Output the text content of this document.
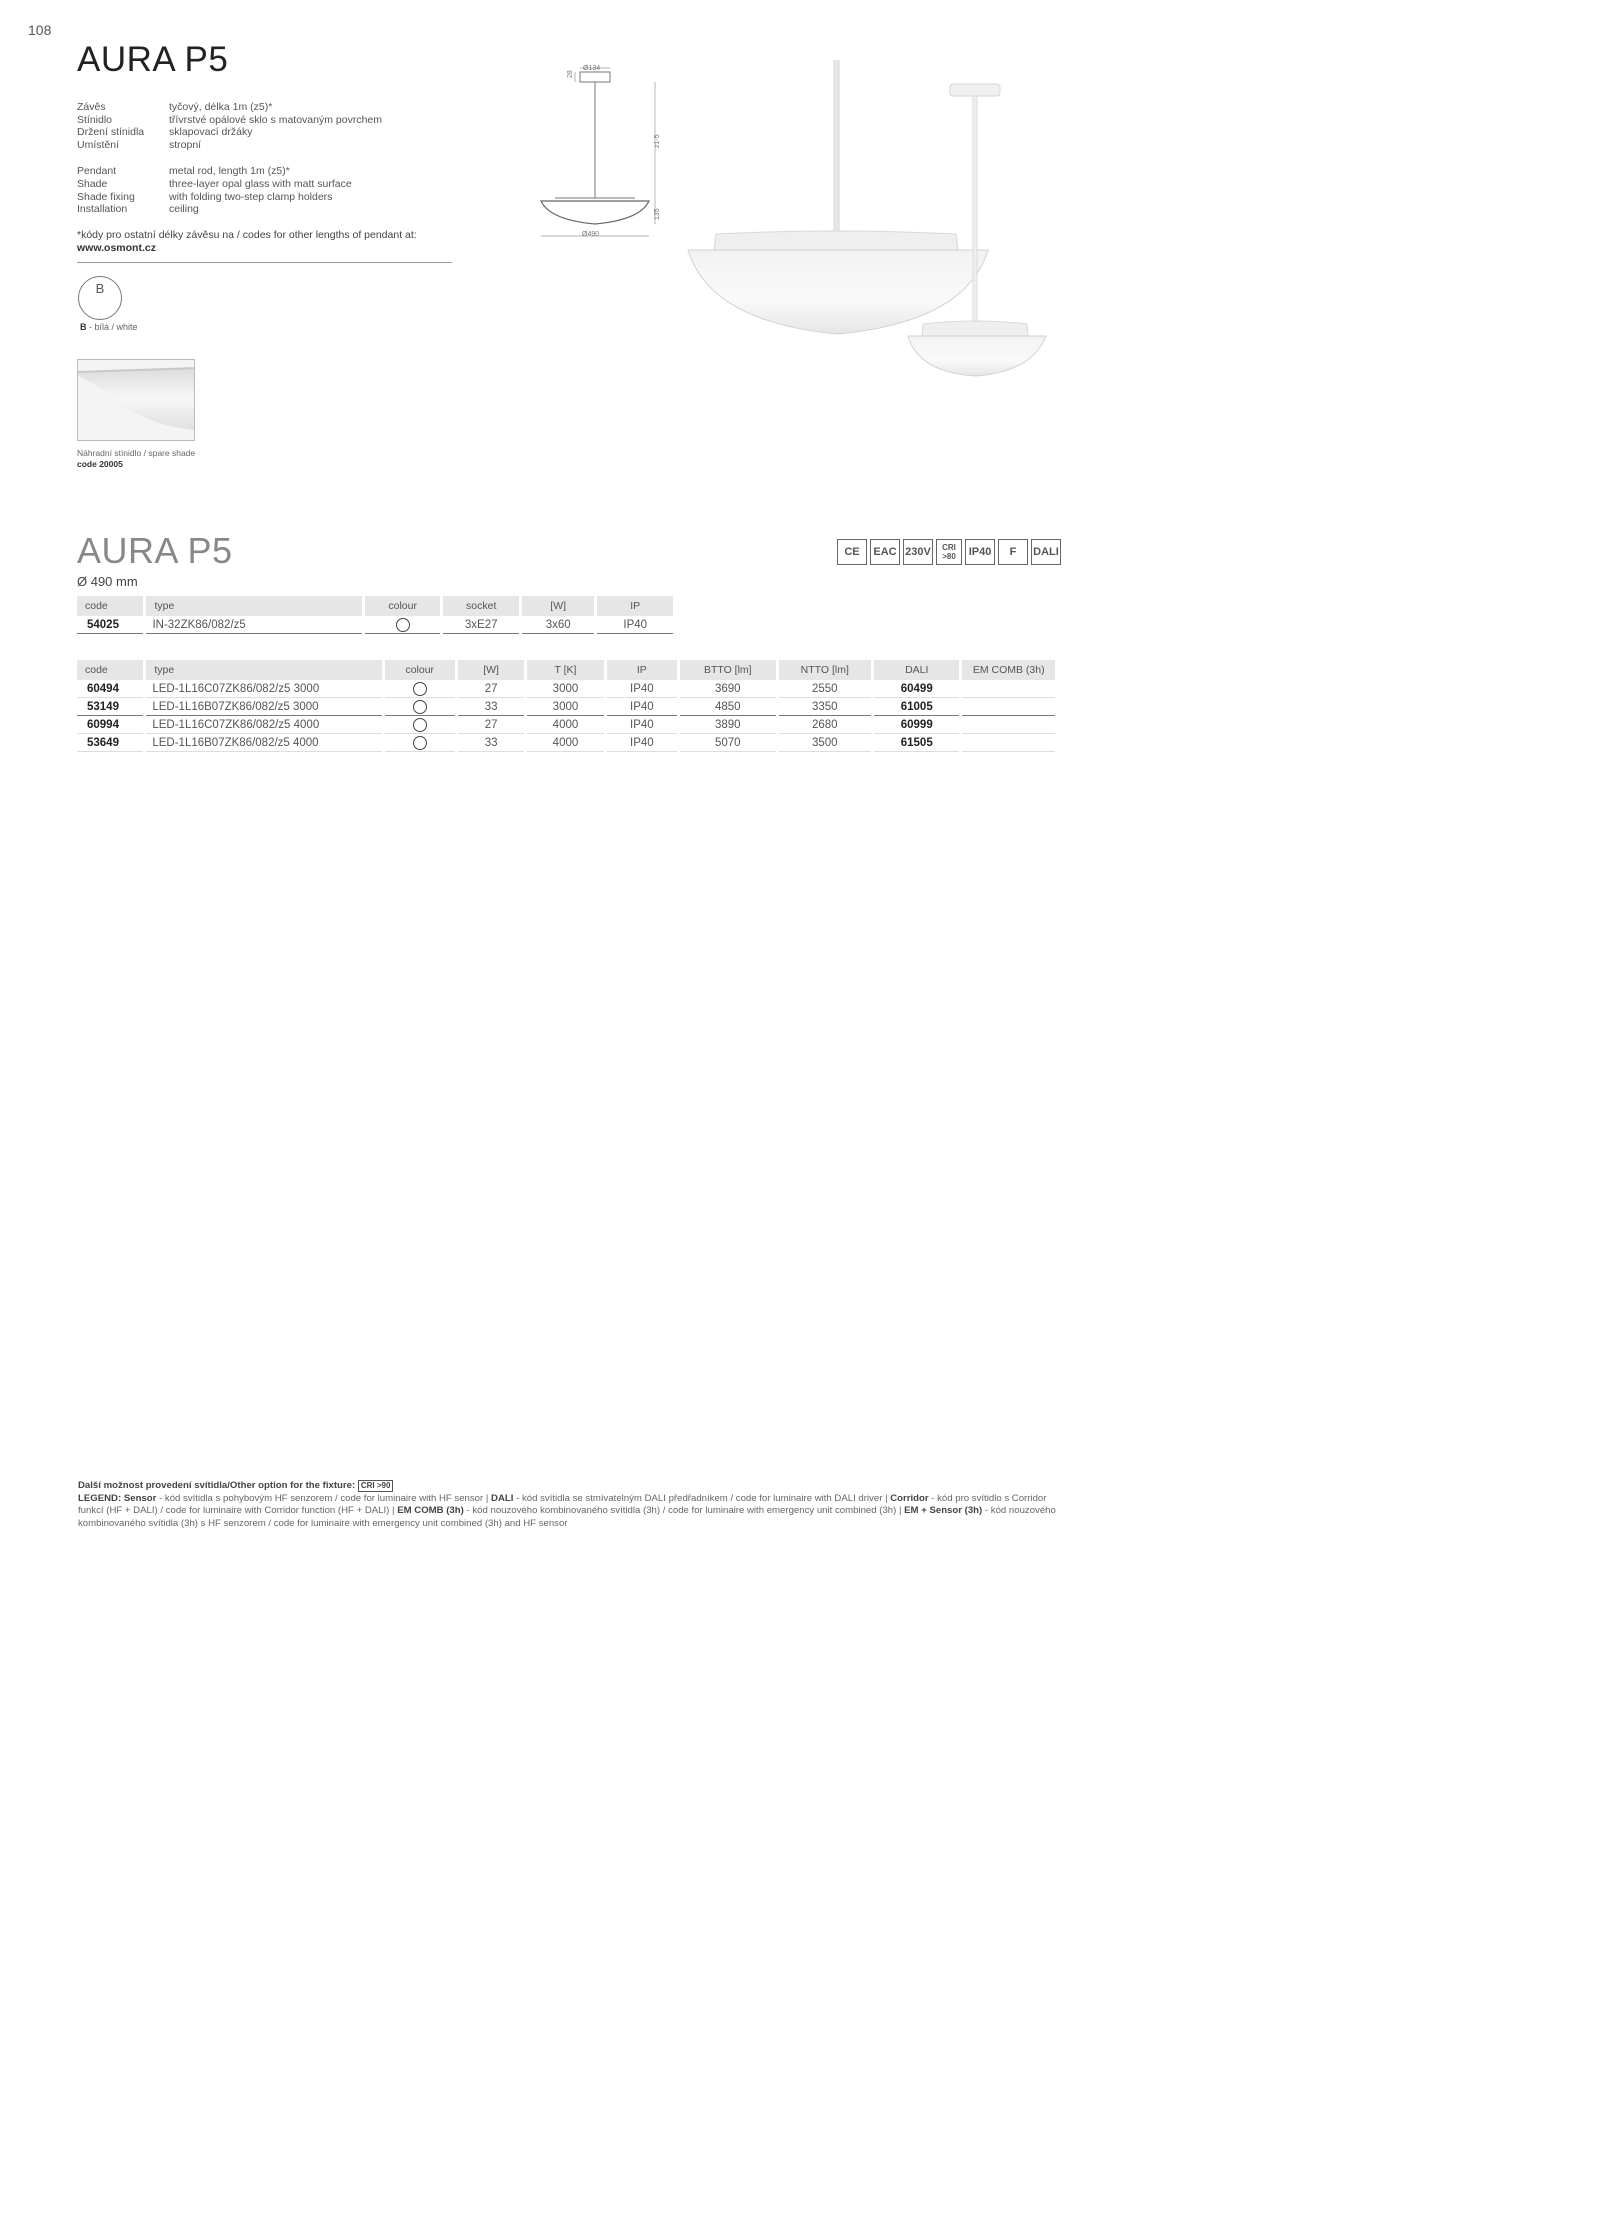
108
AURA P5
Závěs	tyčový, délka 1m (z5)*
Stínidlo	třívrstvé opálové sklo s matovaným povrchem
Držení stínidla	sklapovací držáky
Umístění	stropní
Pendant	metal rod, length 1m (z5)*
Shade	three-layer opal glass with matt surface
Shade fixing	with folding two-step clamp holders
Installation	ceiling
*kódy pro ostatní délky závěsu na / codes for other lengths of pendant at:
www.osmont.cz
B
B - bílá / white
Náhradní stínidlo / spare shade
code 20005
Ø134
28
z1-5
135
Ø490
AURA P5
Ø 490 mm
CE	EAC 230V	CRI >80	IP40	F	DALI
code	type	colour	socket	[W]	IP
54025	IN-32ZK86/082/z5		3xE27	3x60	IP40
code	type	colour	[W]	T [K]	IP	BTTO [lm]	NTTO [lm]	DALI	EM COMB (3h)
60494	LED-1L16C07ZK86/082/z5 3000		27	3000	IP40	3690	2550	60499	
53149	LED-1L16B07ZK86/082/z5 3000		33	3000	IP40	4850	3350	61005	
60994	LED-1L16C07ZK86/082/z5 4000		27	4000	IP40	3890	2680	60999	
53649	LED-1L16B07ZK86/082/z5 4000		33	4000	IP40	5070	3500	61505	
Další možnost provedení svítidla/Other option for the fixture: CRI >90
LEGEND: Sensor - kód svítidla s pohybovým HF senzorem / code for luminaire with HF sensor | DALI - kód svítidla se stmívatelným DALI předřadníkem / code for luminaire with DALI driver | Corridor - kód pro svítidlo s Corridor funkcí (HF + DALI) / code for luminaire with Corridor function (HF + DALI) | EM COMB (3h) - kód nouzového kombinovaného svítidla (3h) / code for luminaire with emergency unit combined (3h) | EM + Sensor (3h) - kód nouzového kombinovaného svítidla (3h) s HF senzorem / code for luminaire with emergency unit combined (3h) and HF sensor
